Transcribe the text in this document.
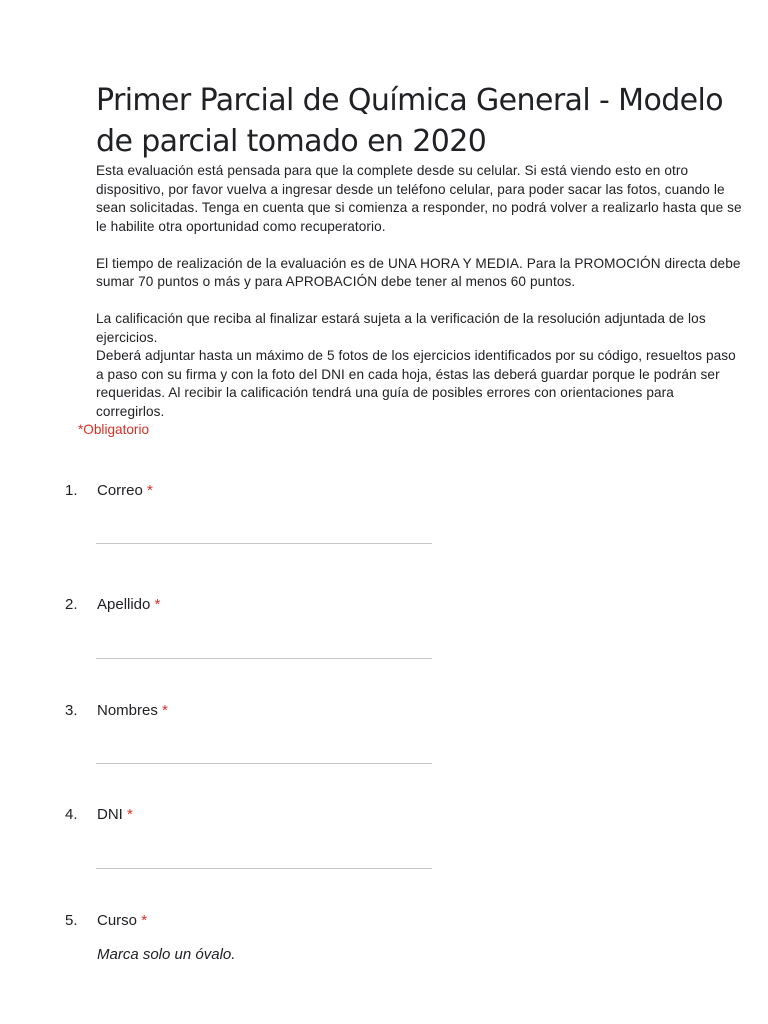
Primer Parcial de Química General - Modelo de parcial tomado en 2020

Esta evaluación está pensada para que la complete desde su celular. Si está viendo esto en otro dispositivo, por favor vuelva a ingresar desde un teléfono celular, para poder sacar las fotos, cuando le sean solicitadas. Tenga en cuenta que si comienza a responder, no podrá volver a realizarlo hasta que se le habilite otra oportunidad como recuperatorio.

El tiempo de realización de la evaluación es de UNA HORA Y MEDIA. Para la PROMOCIÓN directa debe sumar 70 puntos o más y para APROBACIÓN debe tener al menos 60 puntos.

La calificación que reciba al finalizar estará sujeta a la verificación de la resolución adjuntada de los ejercicios.

Deberá adjuntar hasta un máximo de 5 fotos de los ejercicios identificados por su código, resueltos paso a paso con su firma y con la foto del DNI en cada hoja, éstas las deberá guardar porque le podrán ser requeridas. Al recibir la calificación tendrá una guía de posibles errores con orientaciones para corregirlos.

*Obligatorio
1. Correo *
2. Apellido *
3. Nombres *
4. DNI *
5. Curso *
Marca solo un óvalo.
